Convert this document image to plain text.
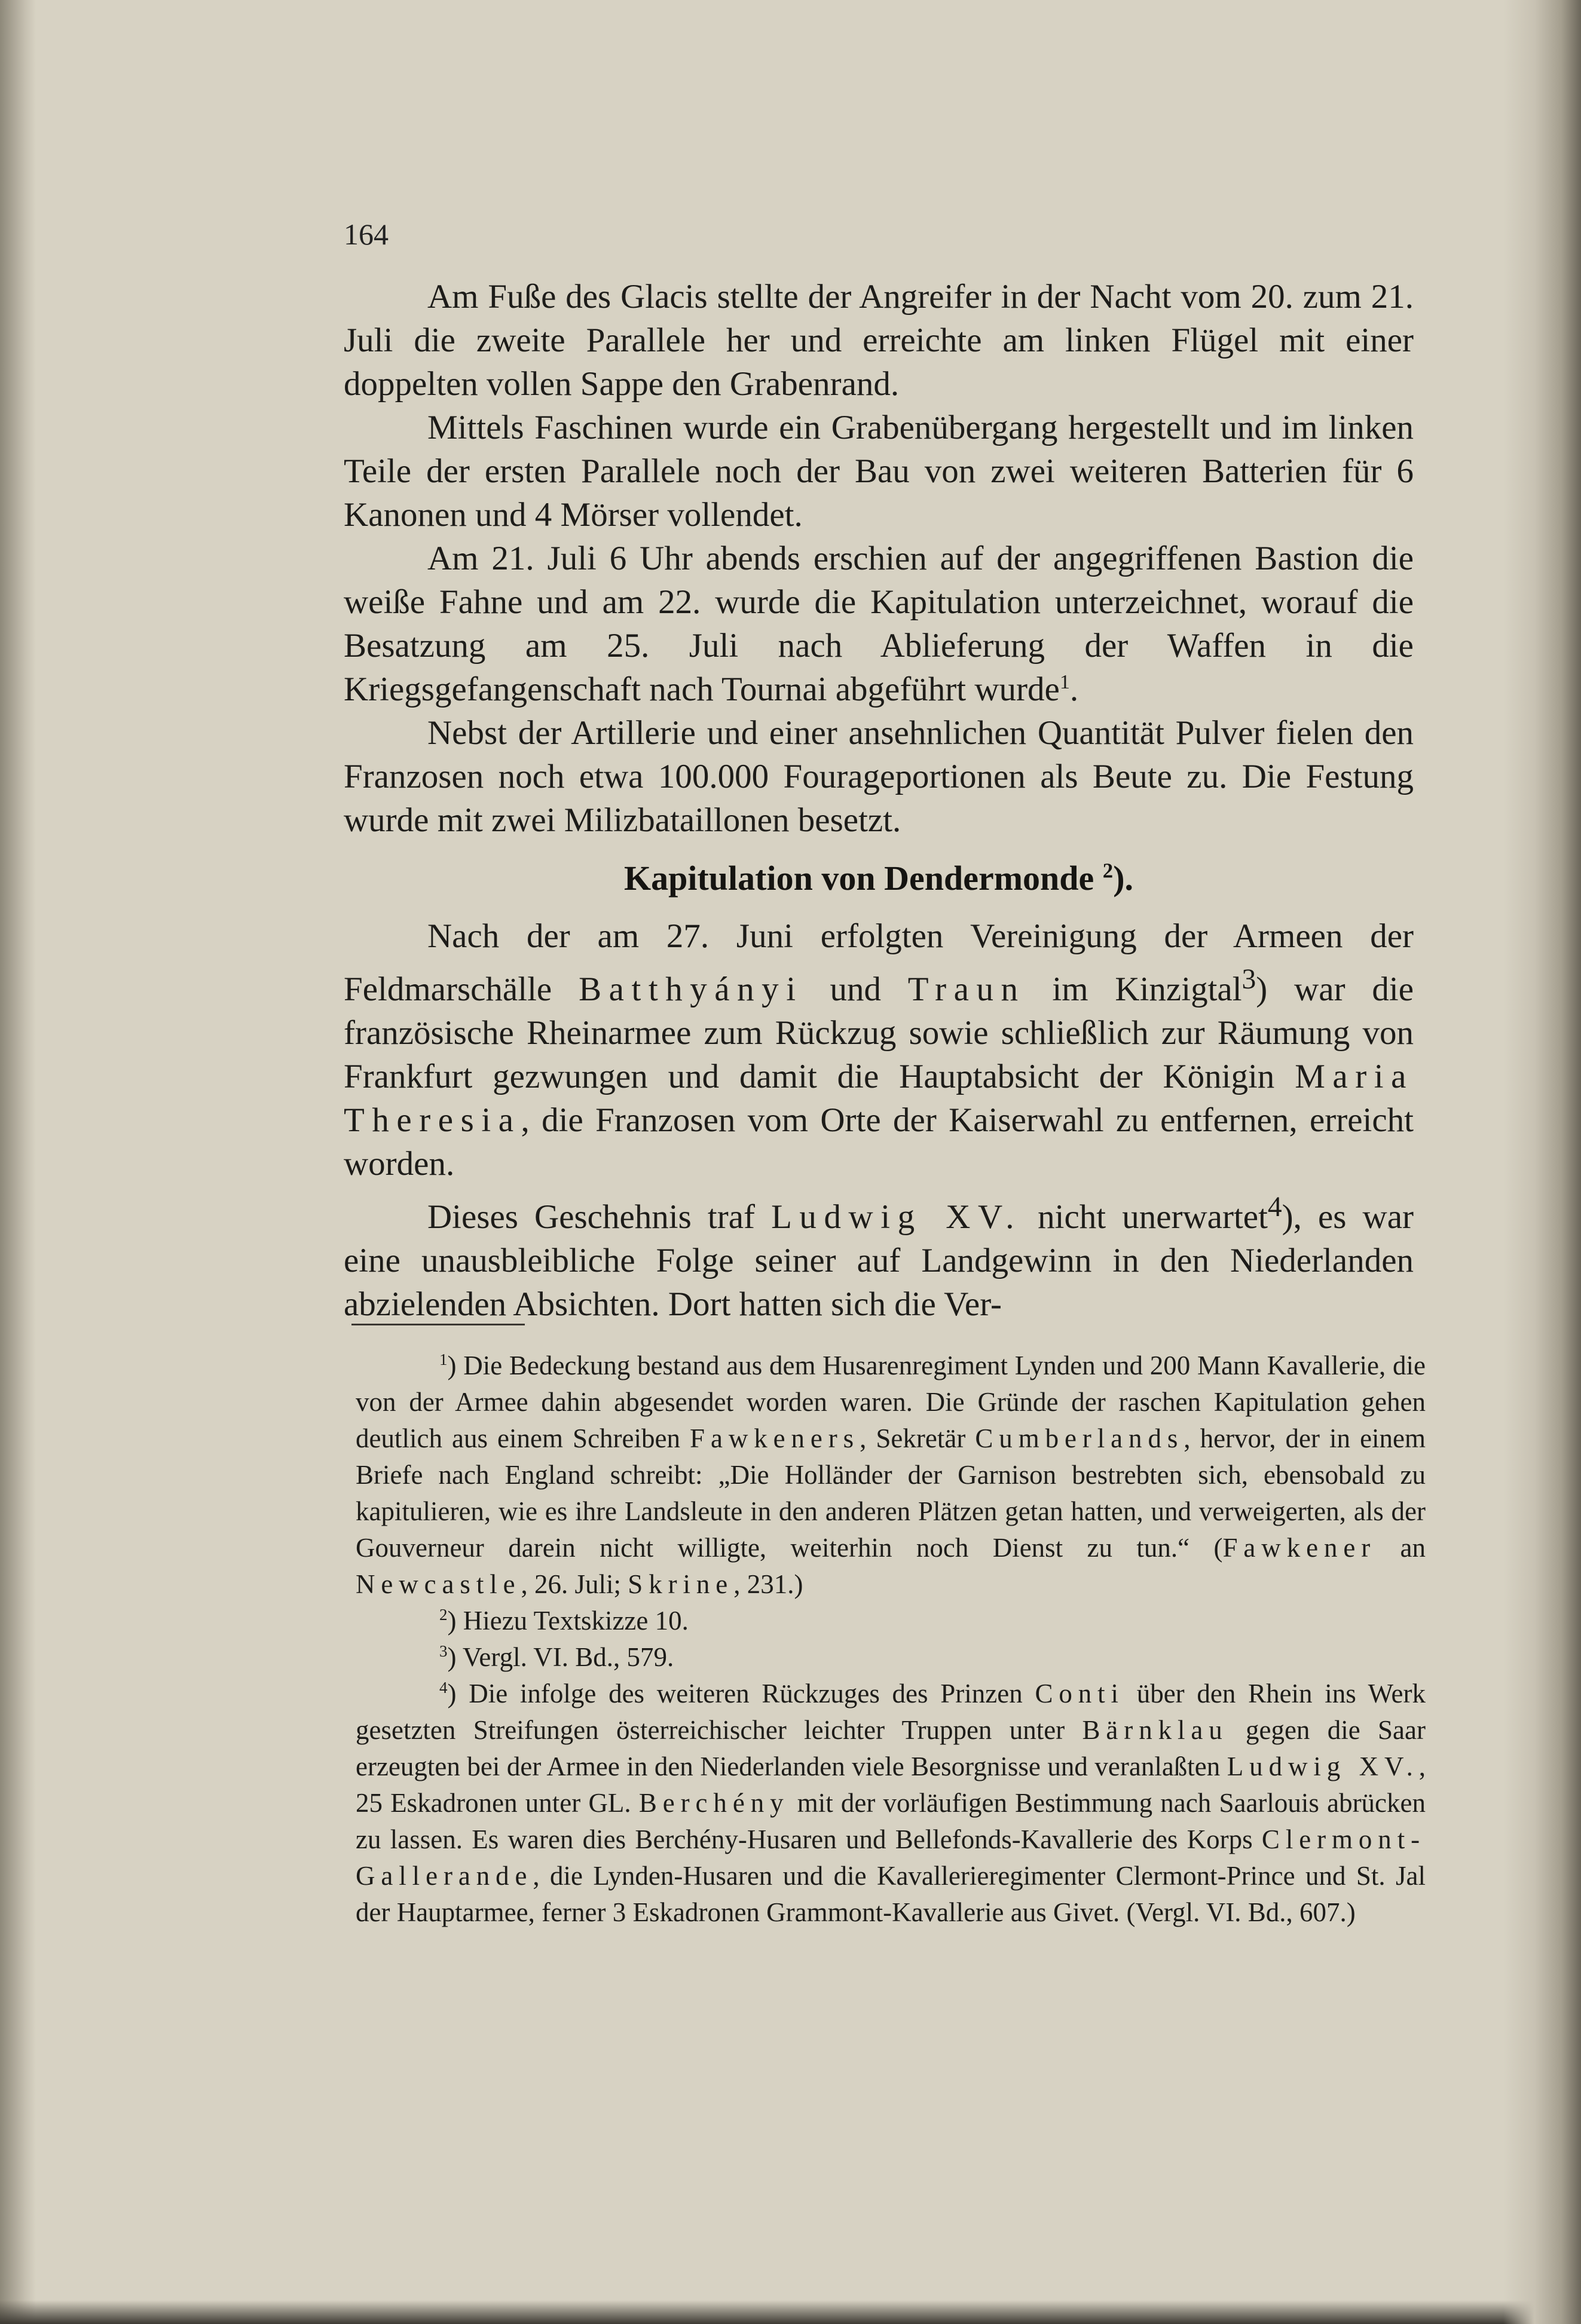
164

Am Fuße des Glacis stellte der Angreifer in der Nacht vom 20. zum 21. Juli die zweite Parallele her und erreichte am linken Flügel mit einer doppelten vollen Sappe den Grabenrand.

Mittels Faschinen wurde ein Grabenübergang hergestellt und im linken Teile der ersten Parallele noch der Bau von zwei weiteren Batterien für 6 Kanonen und 4 Mörser vollendet.

Am 21. Juli 6 Uhr abends erschien auf der angegriffenen Bastion die weiße Fahne und am 22. wurde die Kapitulation unterzeichnet, worauf die Besatzung am 25. Juli nach Ablieferung der Waffen in die Kriegsgefangenschaft nach Tournai abgeführt wurde$^1$.

Nebst der Artillerie und einer ansehnlichen Quantität Pulver fielen den Franzosen noch etwa 100.000 Fourageportionen als Beute zu. Die Festung wurde mit zwei Milizbataillonen besetzt.

Kapitulation von Dendermonde $^2$).

Nach der am 27. Juni erfolgten Vereinigung der Armeen der Feldmarschälle Batthyányi und Traun im Kinzigtal$^3$) war die französische Rheinarmee zum Rückzug sowie schließlich zur Räumung von Frankfurt gezwungen und damit die Hauptabsicht der Königin Maria Theresia, die Franzosen vom Orte der Kaiserwahl zu entfernen, erreicht worden.

Dieses Geschehnis traf Ludwig XV. nicht unerwartet$^4$), es war eine unausbleibliche Folge seiner auf Landgewinn in den Niederlanden abzielenden Absichten. Dort hatten sich die Ver-

$^1$) Die Bedeckung bestand aus dem Husarenregiment Lynden und 200 Mann Kavallerie, die von der Armee dahin abgesendet worden waren. Die Gründe der raschen Kapitulation gehen deutlich aus einem Schreiben Fawkeners, Sekretär Cumberlands, hervor, der in einem Briefe nach England schreibt: „Die Holländer der Garnison bestrebten sich, ebensobald zu kapitulieren, wie es ihre Landsleute in den anderen Plätzen getan hatten, und verweigerten, als der Gouverneur darein nicht willigte, weiterhin noch Dienst zu tun.“ (Fawkener an Newcastle, 26. Juli; Skrine, 231.)

$^2$) Hiezu Textskizze 10.

$^3$) Vergl. VI. Bd., 579.

$^4$) Die infolge des weiteren Rückzuges des Prinzen Conti über den Rhein ins Werk gesetzten Streifungen österreichischer leichter Truppen unter Bärnklau gegen die Saar erzeugten bei der Armee in den Niederlanden viele Besorgnisse und veranlaßten Ludwig XV., 25 Eskadronen unter GL. Berchény mit der vorläufigen Bestimmung nach Saarlouis abrücken zu lassen. Es waren dies Berchény-Husaren und Bellefonds-Kavallerie des Korps Clermont-Gallerande, die Lynden-Husaren und die Kavallerieregimenter Clermont-Prince und St. Jal der Hauptarmee, ferner 3 Eskadronen Grammont-Kavallerie aus Givet. (Vergl. VI. Bd., 607.)
